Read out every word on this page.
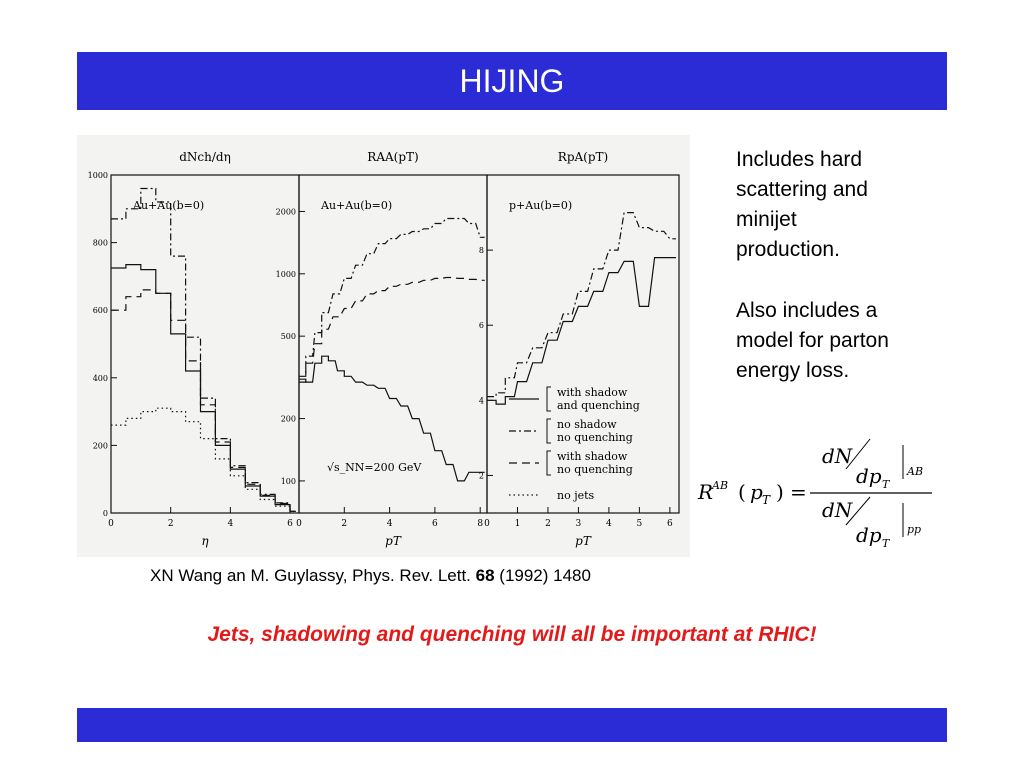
HIJING
dNch/dη
η
Au+Au(b=0)
0	2	4	6
0
200
400
600
800
1000
RAA(pT)
pT
Au+Au(b=0)
√s_NN=200 GeV
0	2	4	6	8
100
200
500
1000
2000
RpA(pT)
pT
p+Au(b=0)
0	1	2	3	4	5	6
2
4
6
8
with shadow
and quenching
no shadow
no quenching
with shadow
no quenching
no jets
Includes hard scattering and minijet production.
Also includes a model for parton energy loss.
R
AB ( p T ) =
dN
dp T
AB
dN
dp T
pp
XN Wang an M. Guylassy, Phys. Rev. Lett. 68 (1992) 1480
Jets, shadowing and quenching will all be important at RHIC!
